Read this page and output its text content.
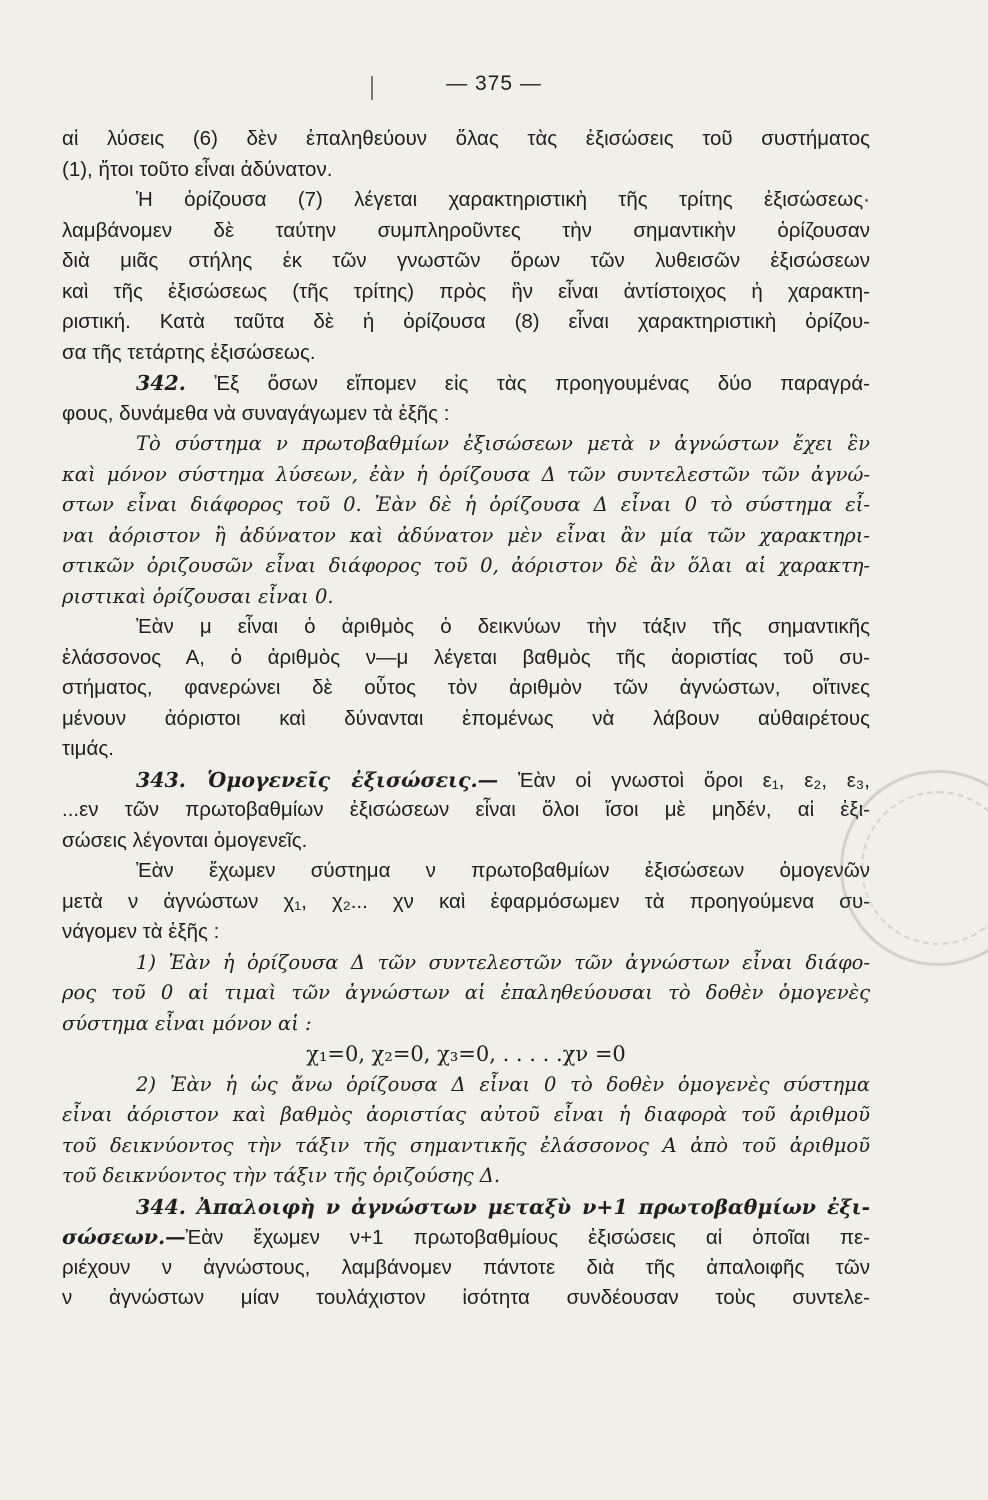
— 375 —
αἱ λύσεις (6) δὲν ἐπαληθεύουν ὅλας τὰς ἐξισώσεις τοῦ συστήματος
(1), ἤτοι τοῦτο εἶναι ἀδύνατον.
Ἡ ὁρίζουσα (7) λέγεται χαρακτηριστικὴ τῆς τρίτης ἐξισώσεως·
λαμβάνομεν δὲ ταύτην συμπληροῦντες τὴν σημαντικὴν ὁρίζουσαν
διὰ μιᾶς στήλης ἐκ τῶν γνωστῶν ὅρων τῶν λυθεισῶν ἐξισώσεων
καὶ τῆς ἐξισώσεως (τῆς τρίτης) πρὸς ἣν εἶναι ἀντίστοιχος ἡ χαρακτη-
ριστική. Κατὰ ταῦτα δὲ ἡ ὁρίζουσα (8) εἶναι χαρακτηριστικὴ ὁρίζου-
σα τῆς τετάρτης ἐξισώσεως.
342. Ἐξ ὅσων εἴπομεν εἰς τὰς προηγουμένας δύο παραγρά-
φους, δυνάμεθα νὰ συναγάγωμεν τὰ ἑξῆς :
Τὸ σύστημα ν πρωτοβαθμίων ἐξισώσεων μετὰ ν ἀγνώστων ἔχει ἓν
καὶ μόνον σύστημα λύσεων, ἐὰν ἡ ὁρίζουσα Δ τῶν συντελεστῶν τῶν ἀγνώ-
στων εἶναι διάφορος τοῦ 0. Ἐὰν δὲ ἡ ὁρίζουσα Δ εἶναι 0 τὸ σύστημα εἶ-
ναι ἀόριστον ἢ ἀδύνατον καὶ ἀδύνατον μὲν εἶναι ἂν μία τῶν χαρακτηρι-
στικῶν ὁριζουσῶν εἶναι διάφορος τοῦ 0, ἀόριστον δὲ ἂν ὅλαι αἱ χαρακτη-
ριστικαὶ ὁρίζουσαι εἶναι 0.
Ἐὰν μ εἶναι ὁ ἀριθμὸς ὁ δεικνύων τὴν τάξιν τῆς σημαντικῆς
ἐλάσσονος Α, ὁ ἀριθμὸς ν—μ λέγεται βαθμὸς τῆς ἀοριστίας τοῦ συ-
στήματος, φανερώνει δὲ οὗτος τὸν ἀριθμὸν τῶν ἀγνώστων, οἵτινες
μένουν ἀόριστοι καὶ δύνανται ἑπομένως νὰ λάβουν αὐθαιρέτους
τιμάς.
343. Ὁμογενεῖς ἐξισώσεις.— Ἐὰν οἱ γνωστοὶ ὅροι ε₁, ε₂, ε₃,
...εν τῶν πρωτοβαθμίων ἐξισώσεων εἶναι ὅλοι ἴσοι μὲ μηδέν, αἱ ἐξι-
σώσεις λέγονται ὁμογενεῖς.
Ἐὰν ἔχωμεν σύστημα ν πρωτοβαθμίων ἐξισώσεων ὁμογενῶν
μετὰ ν ἀγνώστων χ₁, χ₂... χν καὶ ἐφαρμόσωμεν τὰ προηγούμενα συ-
νάγομεν τὰ ἑξῆς :
1) Ἐὰν ἡ ὁρίζουσα Δ τῶν συντελεστῶν τῶν ἀγνώστων εἶναι διάφο-
ρος τοῦ 0 αἱ τιμαὶ τῶν ἀγνώστων αἱ ἐπαληθεύουσαι τὸ δοθὲν ὁμογενὲς
σύστημα εἶναι μόνον αἱ :
χ₁=0, χ₂=0, χ₃=0, . . . . .χν =0
2) Ἐὰν ἡ ὡς ἄνω ὁρίζουσα Δ εἶναι 0 τὸ δοθὲν ὁμογενὲς σύστημα
εἶναι ἀόριστον καὶ βαθμὸς ἀοριστίας αὐτοῦ εἶναι ἡ διαφορὰ τοῦ ἀριθμοῦ
τοῦ δεικνύοντος τὴν τάξιν τῆς σημαντικῆς ἐλάσσονος Α ἀπὸ τοῦ ἀριθμοῦ
τοῦ δεικνύοντος τὴν τάξιν τῆς ὁριζούσης Δ.
344. Ἀπαλοιφὴ ν ἀγνώστων μεταξὺ ν+1 πρωτοβαθμίων ἐξι-
σώσεων.—Ἐὰν ἔχωμεν ν+1 πρωτοβαθμίους ἐξισώσεις αἱ ὁποῖαι πε-
ριέχουν ν ἀγνώστους, λαμβάνομεν πάντοτε διὰ τῆς ἀπαλοιφῆς τῶν
ν ἀγνώστων μίαν τουλάχιστον ἰσότητα συνδέουσαν τοὺς συντελε-
